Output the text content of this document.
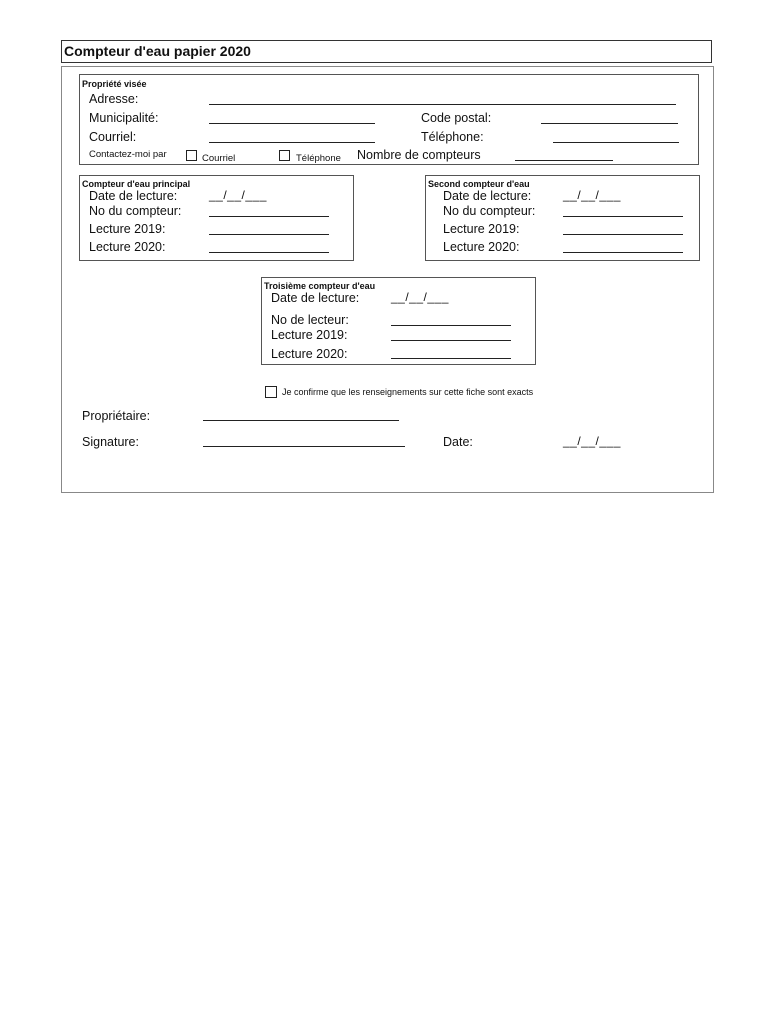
Compteur d'eau papier 2020
Propriété visée
Adresse:
Municipalité:	Code postal:
Courriel:	Téléphone:
Contactez-moi par	Courriel	Téléphone Nombre de compteurs
Compteur d'eau principal
Date de lecture:	__/__/___
No du compteur:
Lecture 2019:
Lecture 2020:
Second compteur d'eau
Date de lecture:	__/__/___
No du compteur:
Lecture 2019:
Lecture 2020:
Troisième compteur d'eau
Date de lecture:	__/__/___
No de lecteur:
Lecture 2019:
Lecture 2020:
Je confirme que les renseignements sur cette fiche sont exacts
Propriétaire:
Signature:	Date:	__/__/___
